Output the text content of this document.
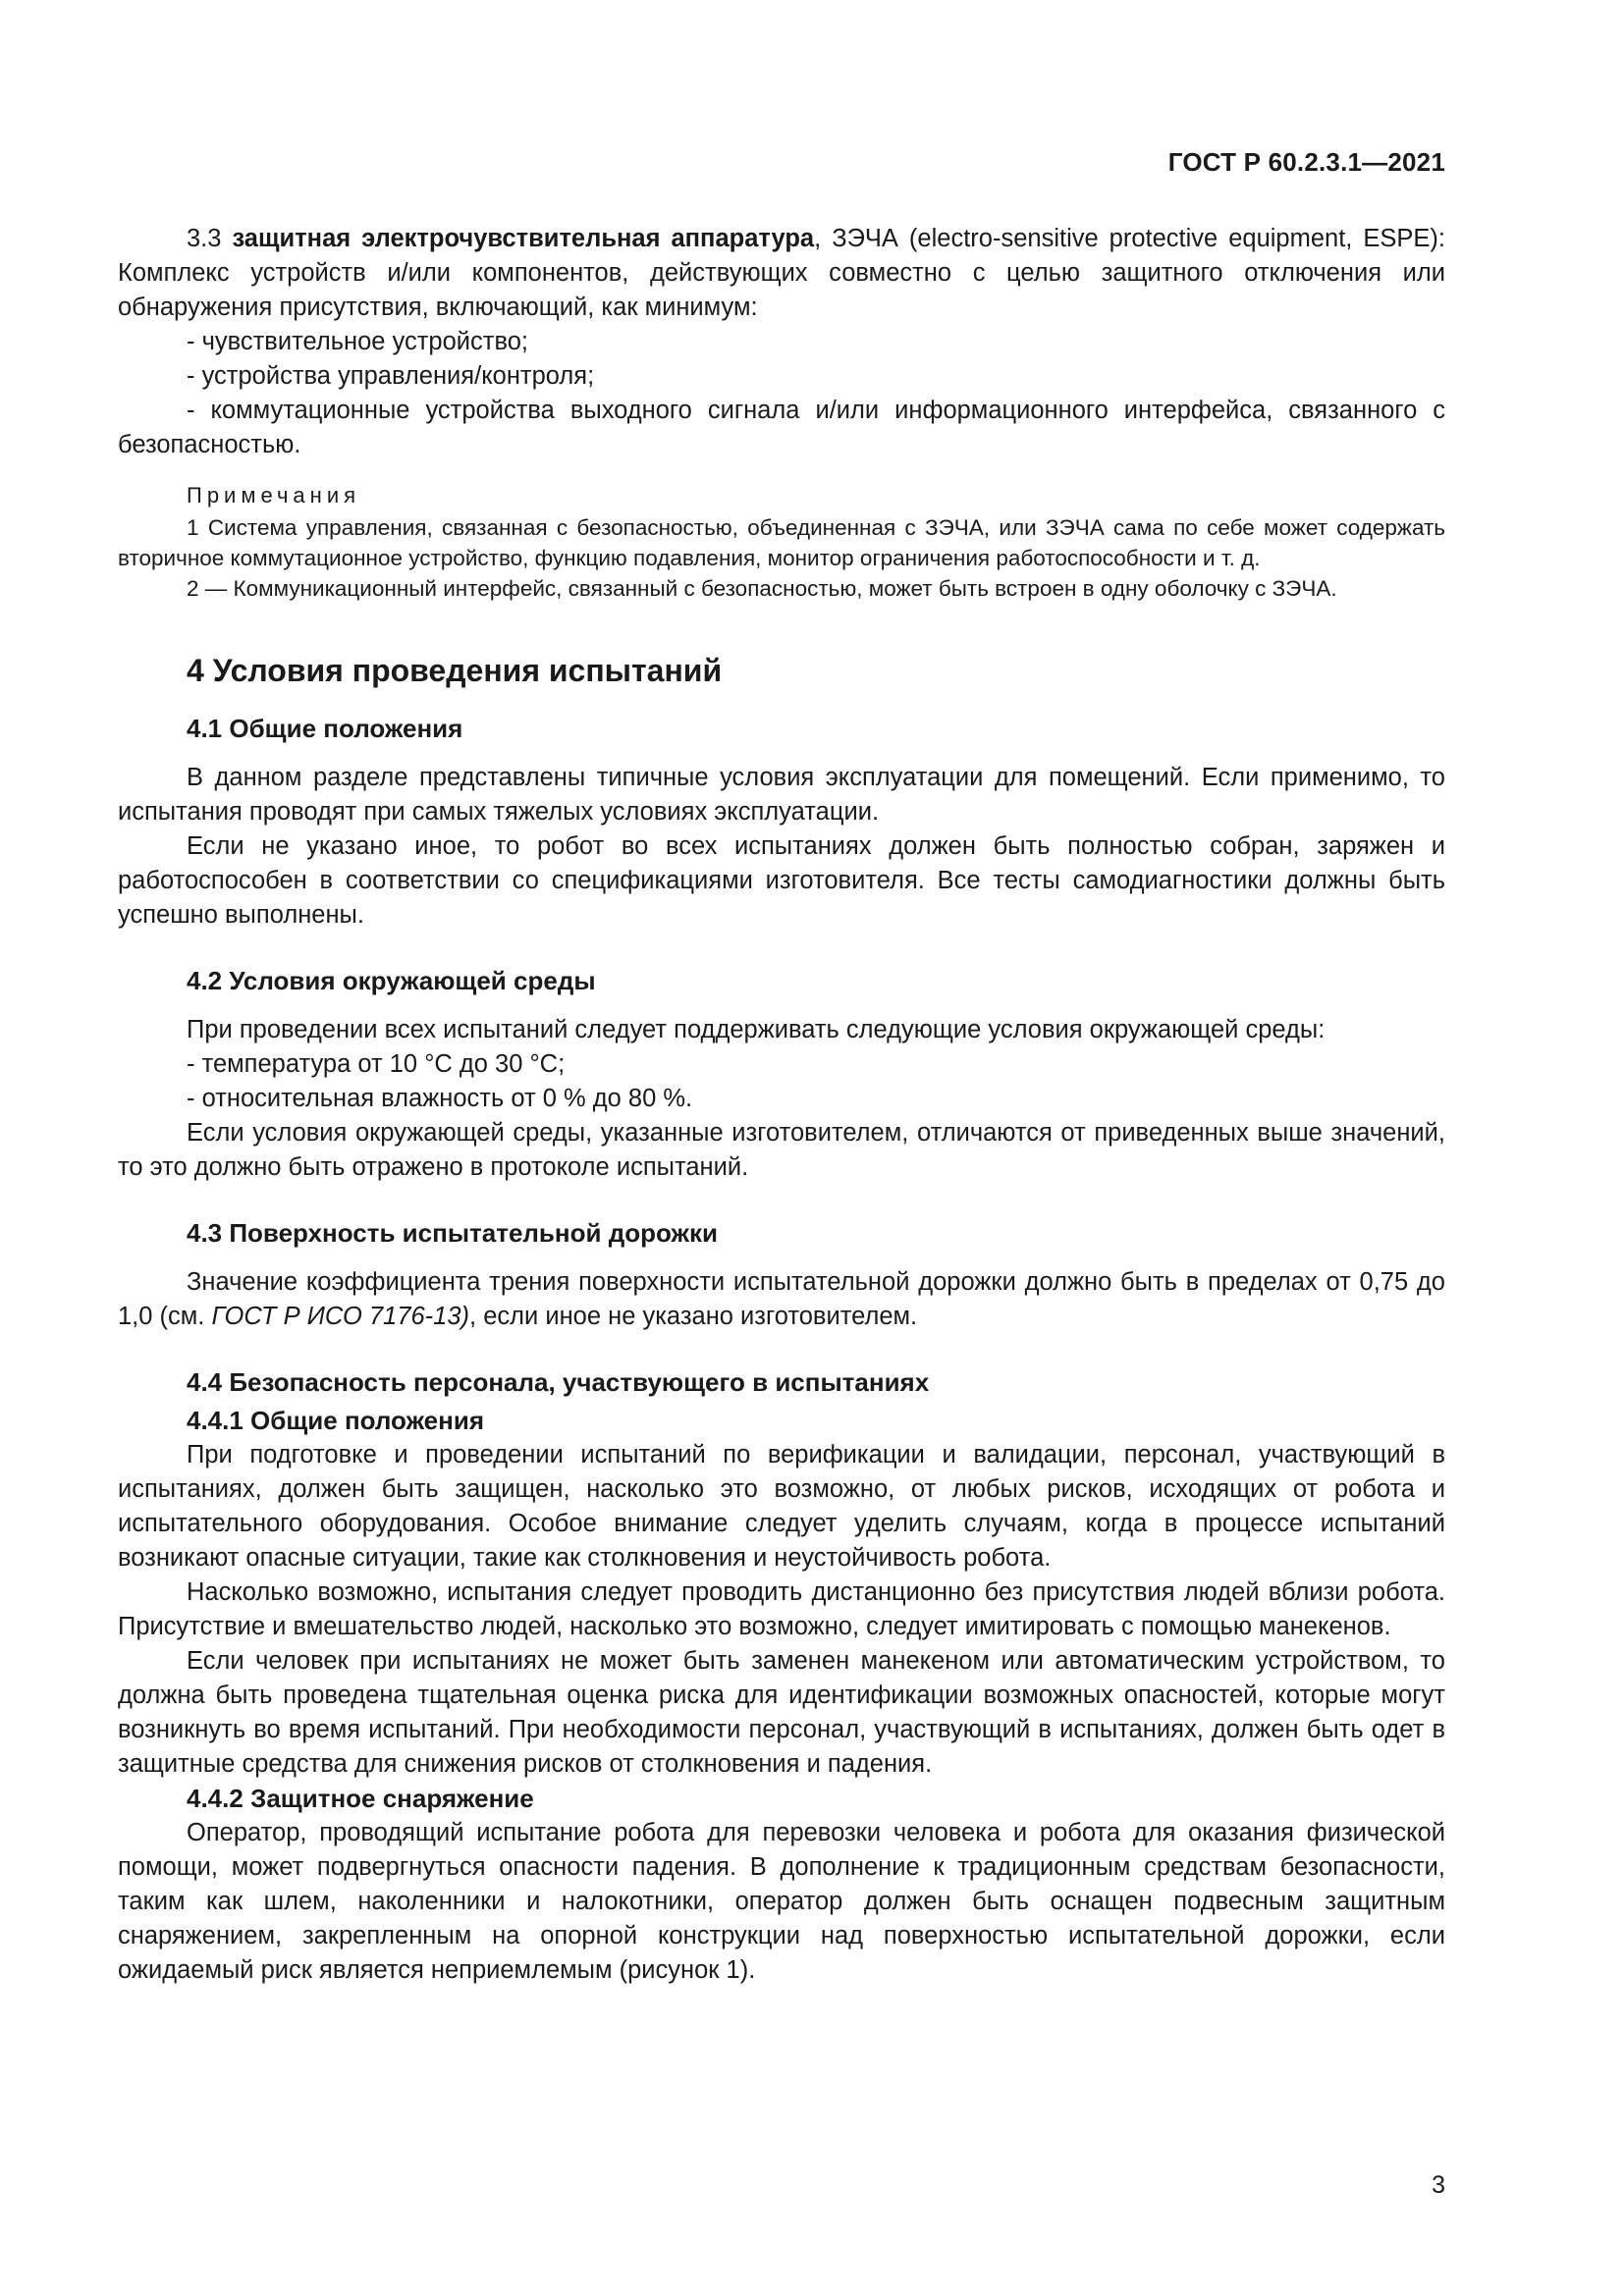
ГОСТ Р 60.2.3.1—2021

3.3 защитная электрочувствительная аппаратура, ЗЭЧА (electro-sensitive protective equipment, ESPE): Комплекс устройств и/или компонентов, действующих совместно с целью защитного отключения или обнаружения присутствия, включающий, как минимум:

- чувствительное устройство;

- устройства управления/контроля;

- коммутационные устройства выходного сигнала и/или информационного интерфейса, связанного с безопасностью.

Примечания

1 Система управления, связанная с безопасностью, объединенная с ЗЭЧА, или ЗЭЧА сама по себе может содержать вторичное коммутационное устройство, функцию подавления, монитор ограничения работоспособности и т. д.

2 — Коммуникационный интерфейс, связанный с безопасностью, может быть встроен в одну оболочку с ЗЭЧА.

4 Условия проведения испытаний

4.1 Общие положения

В данном разделе представлены типичные условия эксплуатации для помещений. Если применимо, то испытания проводят при самых тяжелых условиях эксплуатации.

Если не указано иное, то робот во всех испытаниях должен быть полностью собран, заряжен и работоспособен в соответствии со спецификациями изготовителя. Все тесты самодиагностики должны быть успешно выполнены.

4.2 Условия окружающей среды

При проведении всех испытаний следует поддерживать следующие условия окружающей среды:

- температура от 10 °С до 30 °С;

- относительная влажность от 0 % до 80 %.

Если условия окружающей среды, указанные изготовителем, отличаются от приведенных выше значений, то это должно быть отражено в протоколе испытаний.

4.3 Поверхность испытательной дорожки

Значение коэффициента трения поверхности испытательной дорожки должно быть в пределах от 0,75 до 1,0 (см. ГОСТ Р ИСО 7176-13), если иное не указано изготовителем.

4.4 Безопасность персонала, участвующего в испытаниях

4.4.1 Общие положения

При подготовке и проведении испытаний по верификации и валидации, персонал, участвующий в испытаниях, должен быть защищен, насколько это возможно, от любых рисков, исходящих от робота и испытательного оборудования. Особое внимание следует уделить случаям, когда в процессе испытаний возникают опасные ситуации, такие как столкновения и неустойчивость робота.

Насколько возможно, испытания следует проводить дистанционно без присутствия людей вблизи робота. Присутствие и вмешательство людей, насколько это возможно, следует имитировать с помощью манекенов.

Если человек при испытаниях не может быть заменен манекеном или автоматическим устройством, то должна быть проведена тщательная оценка риска для идентификации возможных опасностей, которые могут возникнуть во время испытаний. При необходимости персонал, участвующий в испытаниях, должен быть одет в защитные средства для снижения рисков от столкновения и падения.

4.4.2 Защитное снаряжение

Оператор, проводящий испытание робота для перевозки человека и робота для оказания физической помощи, может подвергнуться опасности падения. В дополнение к традиционным средствам безопасности, таким как шлем, наколенники и налокотники, оператор должен быть оснащен подвесным защитным снаряжением, закрепленным на опорной конструкции над поверхностью испытательной дорожки, если ожидаемый риск является неприемлемым (рисунок 1).

3
